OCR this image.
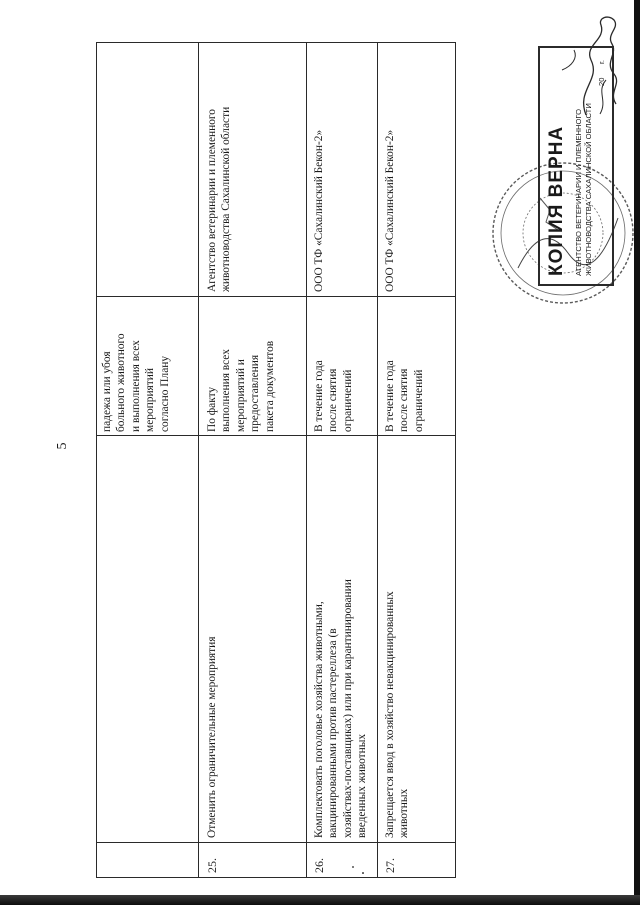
5
падежа или убоя
больного животного
и выполнения всех
мероприятий
согласно Плану
25.
Отменить ограничительные мероприятия
По факту
выполнения всех
мероприятий и
предоставления
пакета документов
Агентство ветеринарии и племенного
животноводства Сахалинской области
26.
Комплектовать поголовье хозяйства животными,
вакцинированными против пастереллеза (в
хозяйствах-поставщиках) или при карантинировании
введенных животных
В течение года
после снятия
ограничений
ООО ТФ «Сахалинский Бекон-2»
27.
Запрещается ввод в хозяйство невакцинированных
животных
В течение года
после снятия
ограничений
ООО ТФ «Сахалинский Бекон-2»	КОПИЯ ВЕРНА АГЕНТСТВО ВЕТЕРИНАРИИ И ПЛЕМЕННОГО ЖИВОТНОВОДСТВА САХАЛИНСКОЙ ОБЛАСТИ
20
г.
